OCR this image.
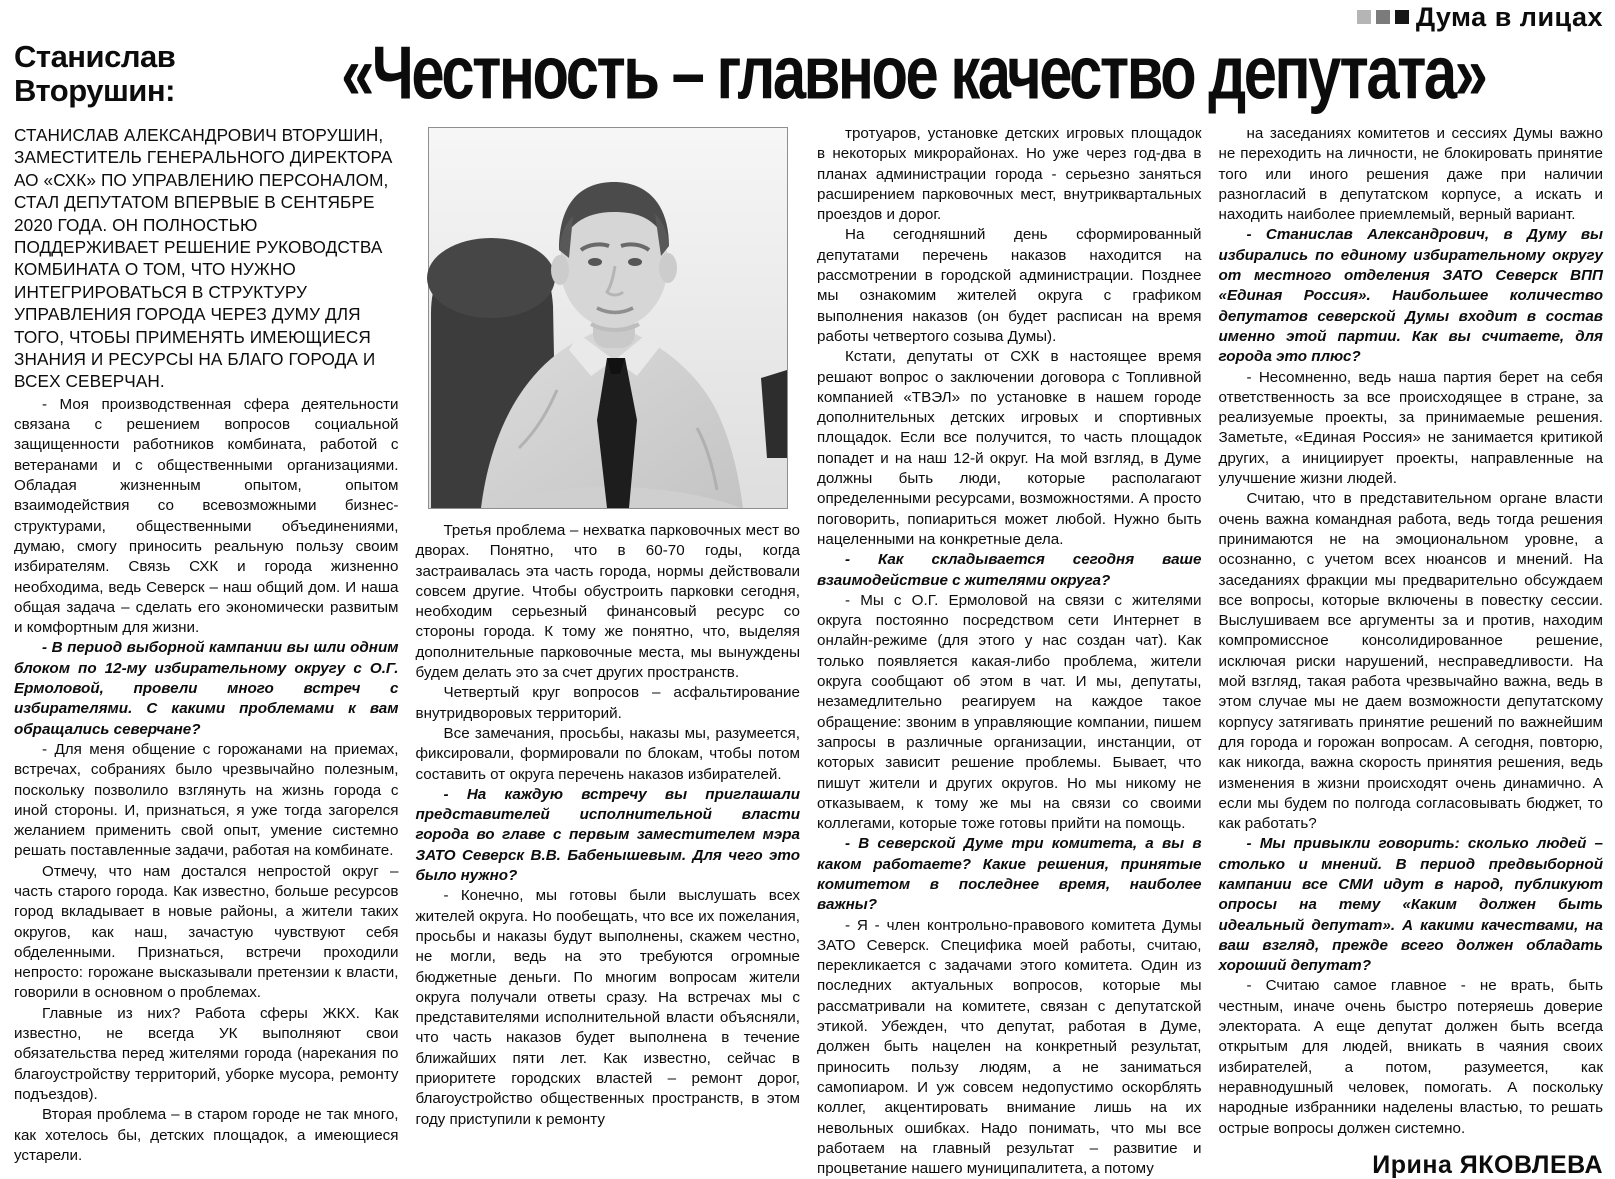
Дума в лицах
Станислав Вторушин:	«Честность – главное качество депутата»

СТАНИСЛАВ АЛЕКСАНДРОВИЧ ВТОРУШИН, ЗАМЕСТИТЕЛЬ ГЕНЕРАЛЬНОГО ДИРЕКТОРА АО «СХК» ПО УПРАВЛЕНИЮ ПЕРСОНАЛОМ, СТАЛ ДЕПУТАТОМ ВПЕРВЫЕ В СЕНТЯБРЕ 2020 ГОДА. ОН ПОЛНОСТЬЮ ПОДДЕРЖИВАЕТ РЕШЕНИЕ РУКОВОДСТВА КОМБИНАТА О ТОМ, ЧТО НУЖНО ИНТЕГРИРОВАТЬСЯ В СТРУКТУРУ УПРАВЛЕНИЯ ГОРОДА ЧЕРЕЗ ДУМУ ДЛЯ ТОГО, ЧТОБЫ ПРИМЕНЯТЬ ИМЕЮЩИЕСЯ ЗНАНИЯ И РЕСУРСЫ НА БЛАГО ГОРОДА И ВСЕХ СЕВЕРЧАН.

- Моя производственная сфера деятельности связана с решением вопросов социальной защищенности работников комбината, работой с ветеранами и с общественными организациями. Обладая жизненным опытом, опытом взаимодействия со всевозможными бизнес-структурами, общественными объединениями, думаю, смогу приносить реальную пользу своим избирателям. Связь СХК и города жизненно необходима, ведь Северск – наш общий дом. И наша общая задача – сделать его экономически развитым и комфортным для жизни.

- В период выборной кампании вы шли одним блоком по 12-му избирательному округу с О.Г. Ермоловой, провели много встреч с избирателями. С какими проблемами к вам обращались северчане?

- Для меня общение с горожанами на приемах, встречах, собраниях было чрезвычайно полезным, поскольку позволило взглянуть на жизнь города с иной стороны. И, признаться, я уже тогда загорелся желанием применить свой опыт, умение системно решать поставленные задачи, работая на комбинате.

Отмечу, что нам достался непростой округ – часть старого города. Как известно, больше ресурсов город вкладывает в новые районы, а жители таких округов, как наш, зачастую чувствуют себя обделенными. Признаться, встречи проходили непросто: горожане высказывали претензии к власти, говорили в основном о проблемах.

Главные из них? Работа сферы ЖКХ. Как известно, не всегда УК выполняют свои обязательства перед жителями города (нарекания по благоустройству территорий, уборке мусора, ремонту подъездов).

Вторая проблема – в старом городе не так много, как хотелось бы, детских площадок, а имеющиеся устарели.

Третья проблема – нехватка парковочных мест во дворах. Понятно, что в 60-70 годы, когда застраивалась эта часть города, нормы действовали совсем другие. Чтобы обустроить парковки сегодня, необходим серьезный финансовый ресурс со стороны города. К тому же понятно, что, выделяя дополнительные парковочные места, мы вынуждены будем делать это за счет других пространств.

Четвертый круг вопросов – асфальтирование внутридворовых территорий.

Все замечания, просьбы, наказы мы, разумеется, фиксировали, формировали по блокам, чтобы потом составить от округа перечень наказов избирателей.

- На каждую встречу вы приглашали представителей исполнительной власти города во главе с первым заместителем мэра ЗАТО Северск В.В. Бабенышевым. Для чего это было нужно?

- Конечно, мы готовы были выслушать всех жителей округа. Но пообещать, что все их пожелания, просьбы и наказы будут выполнены, скажем честно, не могли, ведь на это требуются огромные бюджетные деньги. По многим вопросам жители округа получали ответы сразу. На встречах мы с представителями исполнительной власти объясняли, что часть наказов будет выполнена в течение ближайших пяти лет. Как известно, сейчас в приоритете городских властей – ремонт дорог, благоустройство общественных пространств, в этом году приступили к ремонту

тротуаров, установке детских игровых площадок в некоторых микрорайонах. Но уже через год-два в планах администрации города - серьезно заняться расширением парковочных мест, внутриквартальных проездов и дорог.

На сегодняшний день сформированный депутатами перечень наказов находится на рассмотрении в городской администрации. Позднее мы ознакомим жителей округа с графиком выполнения наказов (он будет расписан на время работы четвертого созыва Думы).

Кстати, депутаты от СХК в настоящее время решают вопрос о заключении договора с Топливной компанией «ТВЭЛ» по установке в нашем городе дополнительных детских игровых и спортивных площадок. Если все получится, то часть площадок попадет и на наш 12-й округ. На мой взгляд, в Думе должны быть люди, которые располагают определенными ресурсами, возможностями. А просто поговорить, попиариться может любой. Нужно быть нацеленными на конкретные дела.

- Как складывается сегодня ваше взаимодействие с жителями округа?

- Мы с О.Г. Ермоловой на связи с жителями округа постоянно посредством сети Интернет в онлайн-режиме (для этого у нас создан чат). Как только появляется какая-либо проблема, жители округа сообщают об этом в чат. И мы, депутаты, незамедлительно реагируем на каждое такое обращение: звоним в управляющие компании, пишем запросы в различные организации, инстанции, от которых зависит решение проблемы. Бывает, что пишут жители и других округов. Но мы никому не отказываем, к тому же мы на связи со своими коллегами, которые тоже готовы прийти на помощь.

- В северской Думе три комитета, а вы в каком работаете? Какие решения, принятые комитетом в последнее время, наиболее важны?

- Я - член контрольно-правового комитета Думы ЗАТО Северск. Специфика моей работы, считаю, перекликается с задачами этого комитета. Один из последних актуальных вопросов, которые мы рассматривали на комитете, связан с депутатской этикой. Убежден, что депутат, работая в Думе, должен быть нацелен на конкретный результат, приносить пользу людям, а не заниматься самопиаром. И уж совсем недопустимо оскорблять коллег, акцентировать внимание лишь на их невольных ошибках. Надо понимать, что мы все работаем на главный результат – развитие и процветание нашего муниципалитета, а потому

на заседаниях комитетов и сессиях Думы важно не переходить на личности, не блокировать принятие того или иного решения даже при наличии разногласий в депутатском корпусе, а искать и находить наиболее приемлемый, верный вариант.

- Станислав Александрович, в Думу вы избирались по единому избирательному округу от местного отделения ЗАТО Северск ВПП «Единая Россия». Наибольшее количество депутатов северской Думы входит в состав именно этой партии. Как вы считаете, для города это плюс?

- Несомненно, ведь наша партия берет на себя ответственность за все происходящее в стране, за реализуемые проекты, за принимаемые решения. Заметьте, «Единая Россия» не занимается критикой других, а инициирует проекты, направленные на улучшение жизни людей.

Считаю, что в представительном органе власти очень важна командная работа, ведь тогда решения принимаются не на эмоциональном уровне, а осознанно, с учетом всех нюансов и мнений. На заседаниях фракции мы предварительно обсуждаем все вопросы, которые включены в повестку сессии. Выслушиваем все аргументы за и против, находим компромиссное консолидированное решение, исключая риски нарушений, несправедливости. На мой взгляд, такая работа чрезвычайно важна, ведь в этом случае мы не даем возможности депутатскому корпусу затягивать принятие решений по важнейшим для города и горожан вопросам. А сегодня, повторю, как никогда, важна скорость принятия решения, ведь изменения в жизни происходят очень динамично. А если мы будем по полгода согласовывать бюджет, то как работать?

- Мы привыкли говорить: сколько людей – столько и мнений. В период предвыборной кампании все СМИ идут в народ, публикуют опросы на тему «Каким должен быть идеальный депутат». А какими качествами, на ваш взгляд, прежде всего должен обладать хороший депутат?

- Считаю самое главное - не врать, быть честным, иначе очень быстро потеряешь доверие электората. А еще депутат должен быть всегда открытым для людей, вникать в чаяния своих избирателей, а потом, разумеется, как неравнодушный человек, помогать. А поскольку народные избранники наделены властью, то решать острые вопросы должен системно.

Ирина ЯКОВЛЕВА
